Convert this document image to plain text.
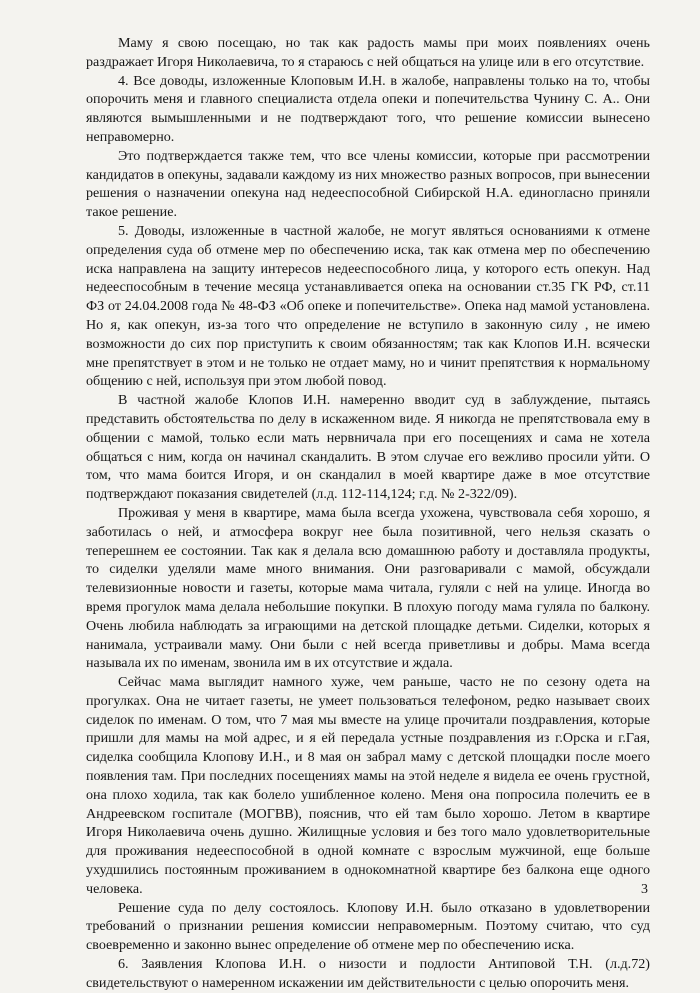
Маму я свою посещаю, но так как радость мамы при моих появлениях очень раздражает Игоря Николаевича, то я стараюсь с ней общаться на улице или в его отсутствие.

4. Все доводы, изложенные Клоповым И.Н. в жалобе, направлены только на то, чтобы опорочить меня и главного специалиста отдела опеки и попечительства Чунину С. А.. Они являются вымышленными и не подтверждают того, что решение комиссии вынесено неправомерно.

Это подтверждается также тем, что все члены комиссии, которые при рассмотрении кандидатов в опекуны, задавали каждому из них множество разных вопросов, при вынесении решения о назначении опекуна над недееспособной Сибирской Н.А. единогласно приняли такое решение.

5. Доводы, изложенные в частной жалобе, не могут являться основаниями к отмене определения суда об отмене мер по обеспечению иска, так как отмена мер по обеспечению иска направлена на защиту интересов недееспособного лица, у которого есть опекун. Над недееспособным в течение месяца устанавливается опека на основании ст.35 ГК РФ, ст.11 ФЗ от 24.04.2008 года № 48-ФЗ «Об опеке и попечительстве». Опека над мамой установлена. Но я, как опекун, из-за того что определение не вступило в законную силу , не имею возможности до сих пор приступить к своим обязанностям; так как Клопов И.Н. всячески мне препятствует в этом и не только не отдает маму, но и чинит препятствия к нормальному общению с ней, используя при этом любой повод.

В частной жалобе Клопов И.Н. намеренно вводит суд в заблуждение, пытаясь представить обстоятельства по делу в искаженном виде. Я никогда не препятствовала ему в общении с мамой, только если мать нервничала при его посещениях и сама не хотела общаться с ним, когда он начинал скандалить. В этом случае его вежливо просили уйти. О том, что мама боится Игоря, и он скандалил в моей квартире даже в мое отсутствие подтверждают показания свидетелей (л.д. 112-114,124; г.д. № 2-322/09).

Проживая у меня в квартире, мама была всегда ухожена, чувствовала себя хорошо, я заботилась о ней, и атмосфера вокруг нее была позитивной, чего нельзя сказать о теперешнем ее состоянии. Так как я делала всю домашнюю работу и доставляла продукты, то сиделки уделяли маме много внимания. Они разговаривали с мамой, обсуждали телевизионные новости и газеты, которые мама читала, гуляли с ней на улице. Иногда во время прогулок мама делала небольшие покупки. В плохую погоду мама гуляла по балкону. Очень любила наблюдать за играющими на детской площадке детьми. Сиделки, которых я нанимала, устраивали маму. Они были с ней всегда приветливы и добры. Мама всегда называла их по именам, звонила им в их отсутствие и ждала.

Сейчас мама выглядит намного хуже, чем раньше, часто не по сезону одета на прогулках. Она не читает газеты, не умеет пользоваться телефоном, редко называет своих сиделок по именам. О том, что 7 мая мы вместе на улице прочитали поздравления, которые пришли для мамы на мой адрес, и я ей передала устные поздравления из г.Орска и г.Гая, сиделка сообщила Клопову И.Н., и 8 мая он забрал маму с детской площадки после моего появления там. При последних посещениях мамы на этой неделе я видела ее очень грустной, она плохо ходила, так как болело ушибленное колено. Меня она попросила полечить ее в Андреевском госпитале (МОГВВ), пояснив, что ей там было хорошо. Летом в квартире Игоря Николаевича очень душно. Жилищные условия и без того мало удовлетворительные для проживания недееспособной в одной комнате с взрослым мужчиной, еще больше ухудшились постоянным проживанием в однокомнатной квартире без балкона еще одного человека.

Решение суда по делу состоялось. Клопову И.Н. было отказано в удовлетворении требований о признании решения комиссии неправомерным. Поэтому считаю, что суд своевременно и законно вынес определение об отмене мер по обеспечению иска.

6. Заявления Клопова И.Н. о низости и подлости Антиповой Т.Н. (л.д.72) свидетельствуют о намеренном искажении им действительности с целью опорочить меня.

3
